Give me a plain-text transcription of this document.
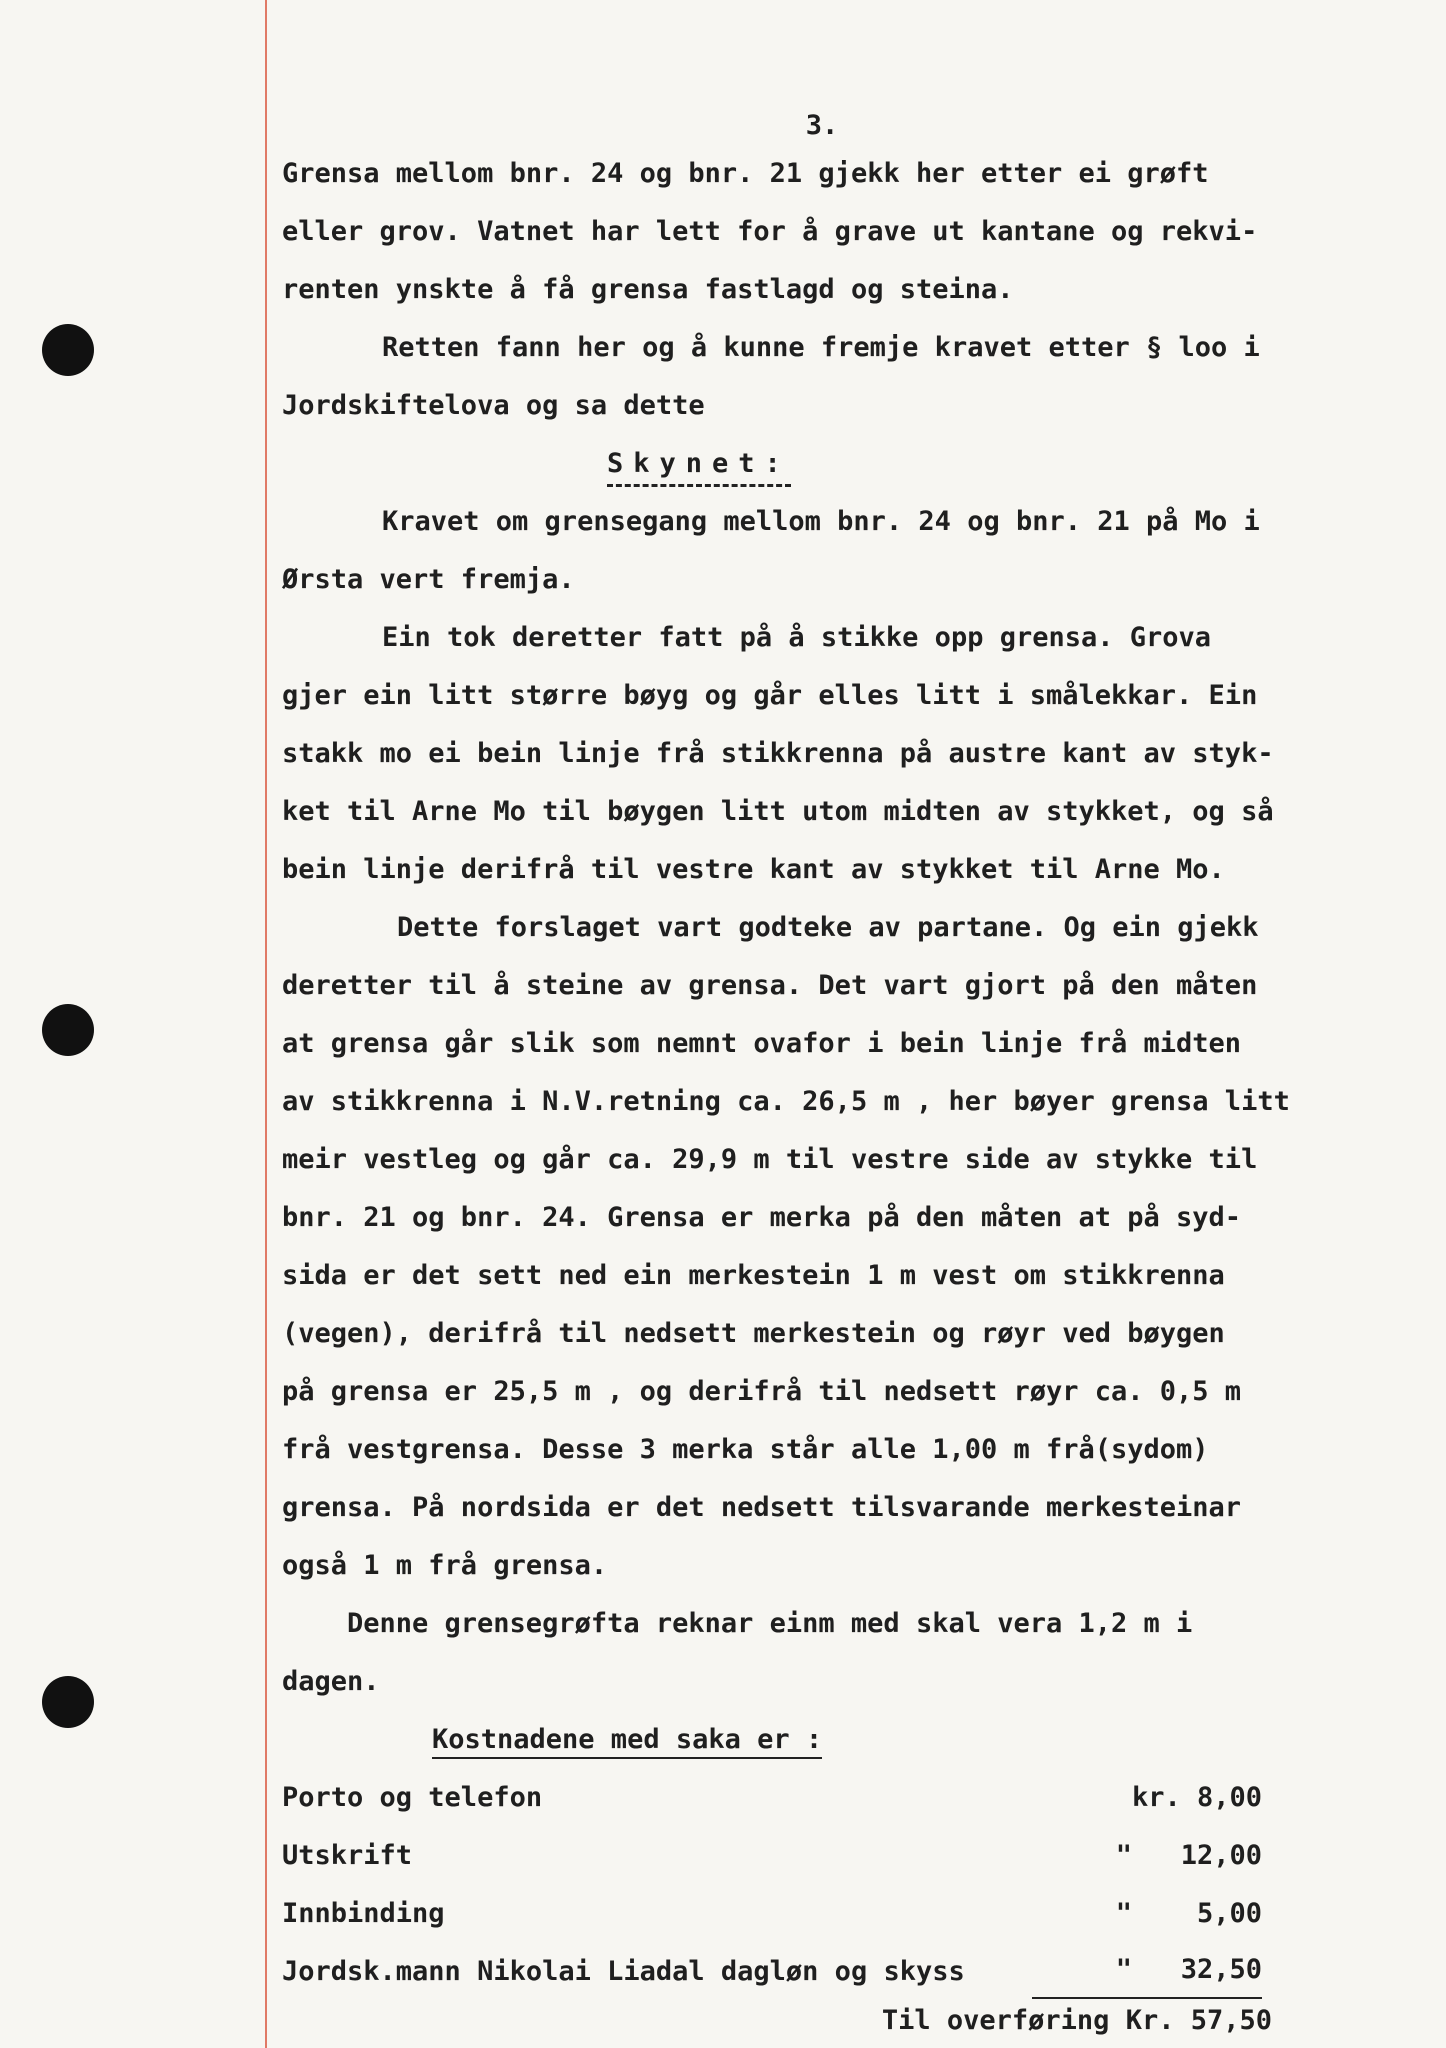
3.
Grensa mellom bnr. 24 og bnr. 21 gjekk her etter ei grøft
eller grov. Vatnet har lett for å grave ut kantane og rekvi-
renten ynskte å få grensa fastlagd og steina.
Retten fann her og å kunne fremje kravet etter § loo i
Jordskiftelova og sa dette
Skynet:
Kravet om grensegang mellom bnr. 24 og bnr. 21 på Mo i
Ørsta vert fremja.
Ein tok deretter fatt på å stikke opp grensa. Grova
gjer ein litt større bøyg og går elles litt i smålekkar. Ein
stakk mo ei bein linje frå stikkrenna på austre kant av styk-
ket til Arne Mo til bøygen litt utom midten av stykket, og så
bein linje derifrå til vestre kant av stykket til Arne Mo.
Dette forslaget vart godteke av partane. Og ein gjekk
deretter til å steine av grensa. Det vart gjort på den måten
at grensa går slik som nemnt ovafor i bein linje frå midten
av stikkrenna i N.V.retning ca. 26,5 m , her bøyer grensa litt
meir vestleg og går ca. 29,9 m til vestre side av stykke til
bnr. 21 og bnr. 24. Grensa er merka på den måten at på syd-
sida er det sett ned ein merkestein 1 m vest om stikkrenna
(vegen), derifrå til nedsett merkestein og røyr ved bøygen
på grensa er 25,5 m , og derifrå til nedsett røyr ca. 0,5 m
frå vestgrensa. Desse 3 merka står alle 1,00 m frå(sydom)
grensa. På nordsida er det nedsett tilsvarande merkesteinar
også 1 m frå grensa.
Denne grensegrøfta reknar einm med skal vera 1,2 m i
dagen.
Kostnadene med saka er :
Porto og telefon	kr. 8,00
Utskrift	"   12,00
Innbinding	"    5,00
Jordsk.mann Nikolai Liadal dagløn og skyss	"   32,50
Til overføring Kr. 57,50
